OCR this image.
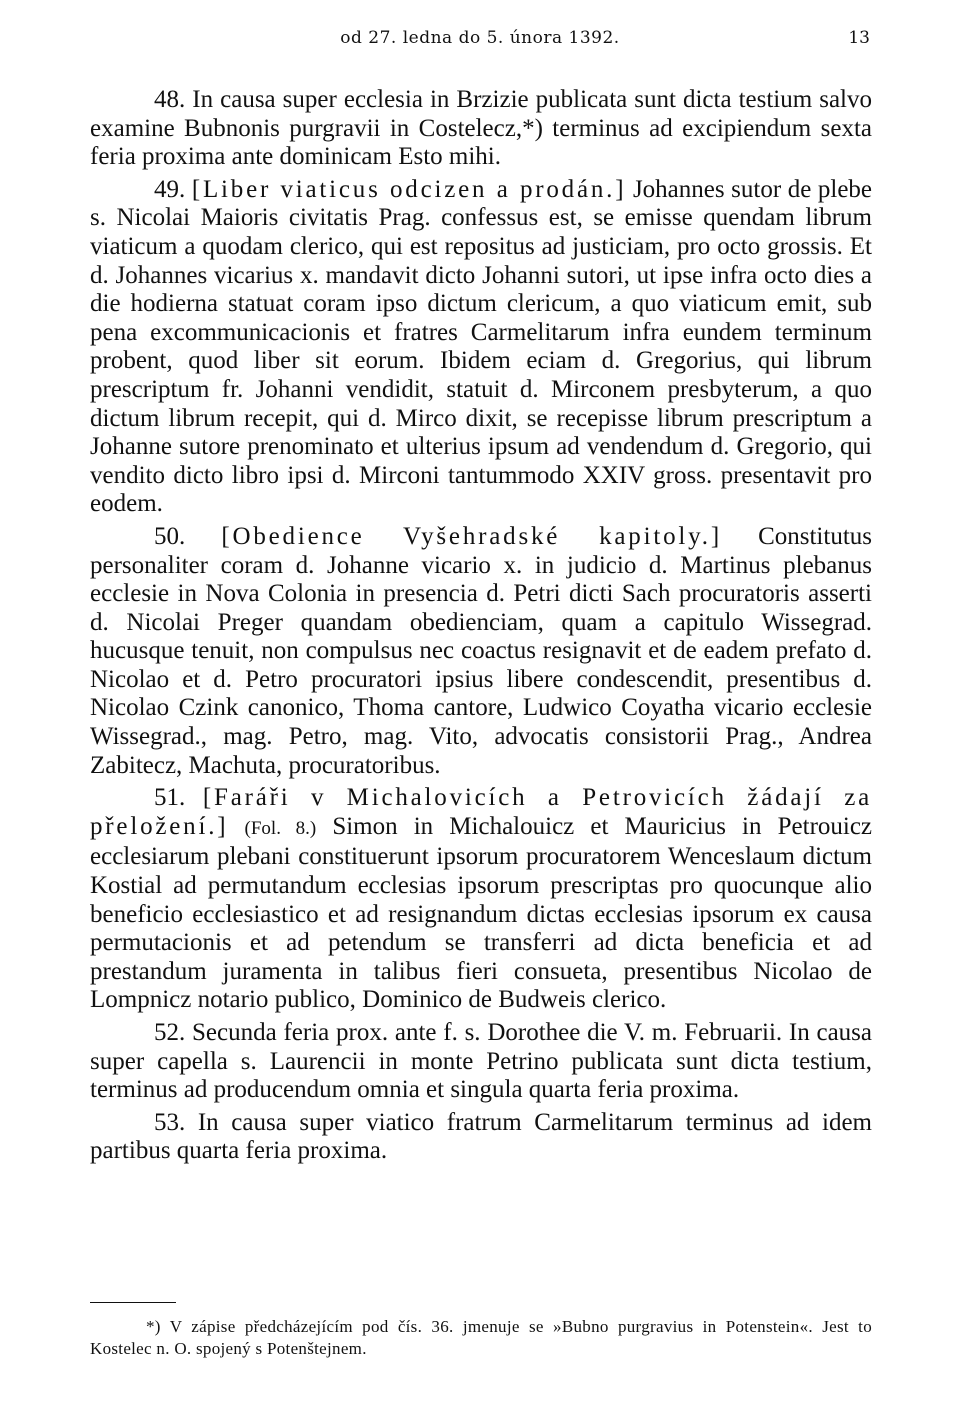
od 27. ledna do 5. února 1392.	13

48. In causa super ecclesia in Brzizie publicata sunt dicta testium salvo examine Bubnonis purgravii in Costelecz,*) terminus ad excipiendum sexta feria proxima ante dominicam Esto mihi.

49. [Liber viaticus odcizen a prodán.] Johannes sutor de plebe s. Nicolai Maioris civitatis Prag. confessus est, se emisse quendam librum viaticum a quodam clerico, qui est repositus ad justiciam, pro octo grossis. Et d. Johannes vicarius x. mandavit dicto Johanni sutori, ut ipse infra octo dies a die hodierna statuat coram ipso dictum clericum, a quo viaticum emit, sub pena excommunicacionis et fratres Carmelitarum infra eundem terminum probent, quod liber sit eorum. Ibidem eciam d. Gregorius, qui librum prescriptum fr. Johanni vendidit, statuit d. Mirconem presbyterum, a quo dictum librum recepit, qui d. Mirco dixit, se recepisse librum prescriptum a Johanne sutore prenominato et ulterius ipsum ad vendendum d. Gregorio, qui vendito dicto libro ipsi d. Mirconi tantummodo XXIV gross. presentavit pro eodem.

50. [Obedience Vyšehradské kapitoly.] Constitutus personaliter coram d. Johanne vicario x. in judicio d. Martinus plebanus ecclesie in Nova Colonia in presencia d. Petri dicti Sach procuratoris asserti d. Nicolai Preger quandam obedienciam, quam a capitulo Wissegrad. hucusque tenuit, non compulsus nec coactus resignavit et de eadem prefato d. Nicolao et d. Petro procuratori ipsius libere condescendit, presentibus d. Nicolao Czink canonico, Thoma cantore, Ludwico Coyatha vicario ecclesie Wissegrad., mag. Petro, mag. Vito, advocatis consistorii Prag., Andrea Zabitecz, Machuta, procuratoribus.

51. [Faráři v Michalovicích a Petrovicích žádají za přeložení.] (Fol. 8.) Simon in Michalouicz et Mauricius in Petrouicz ecclesiarum plebani constituerunt ipsorum procuratorem Wenceslaum dictum Kostial ad permutandum ecclesias ipsorum prescriptas pro quocunque alio beneficio ecclesiastico et ad resignandum dictas ecclesias ipsorum ex causa permutacionis et ad petendum se transferri ad dicta beneficia et ad prestandum juramenta in talibus fieri consueta, presentibus Nicolao de Lompnicz notario publico, Dominico de Budweis clerico.

52. Secunda feria prox. ante f. s. Dorothee die V. m. Februarii. In causa super capella s. Laurencii in monte Petrino publicata sunt dicta testium, terminus ad producendum omnia et singula quarta feria proxima.

53. In causa super viatico fratrum Carmelitarum terminus ad idem partibus quarta feria proxima.

*) V zápise předcházejícím pod čís. 36. jmenuje se »Bubno purgravius in Potenstein«. Jest to Kostelec n. O. spojený s Potenštejnem.
